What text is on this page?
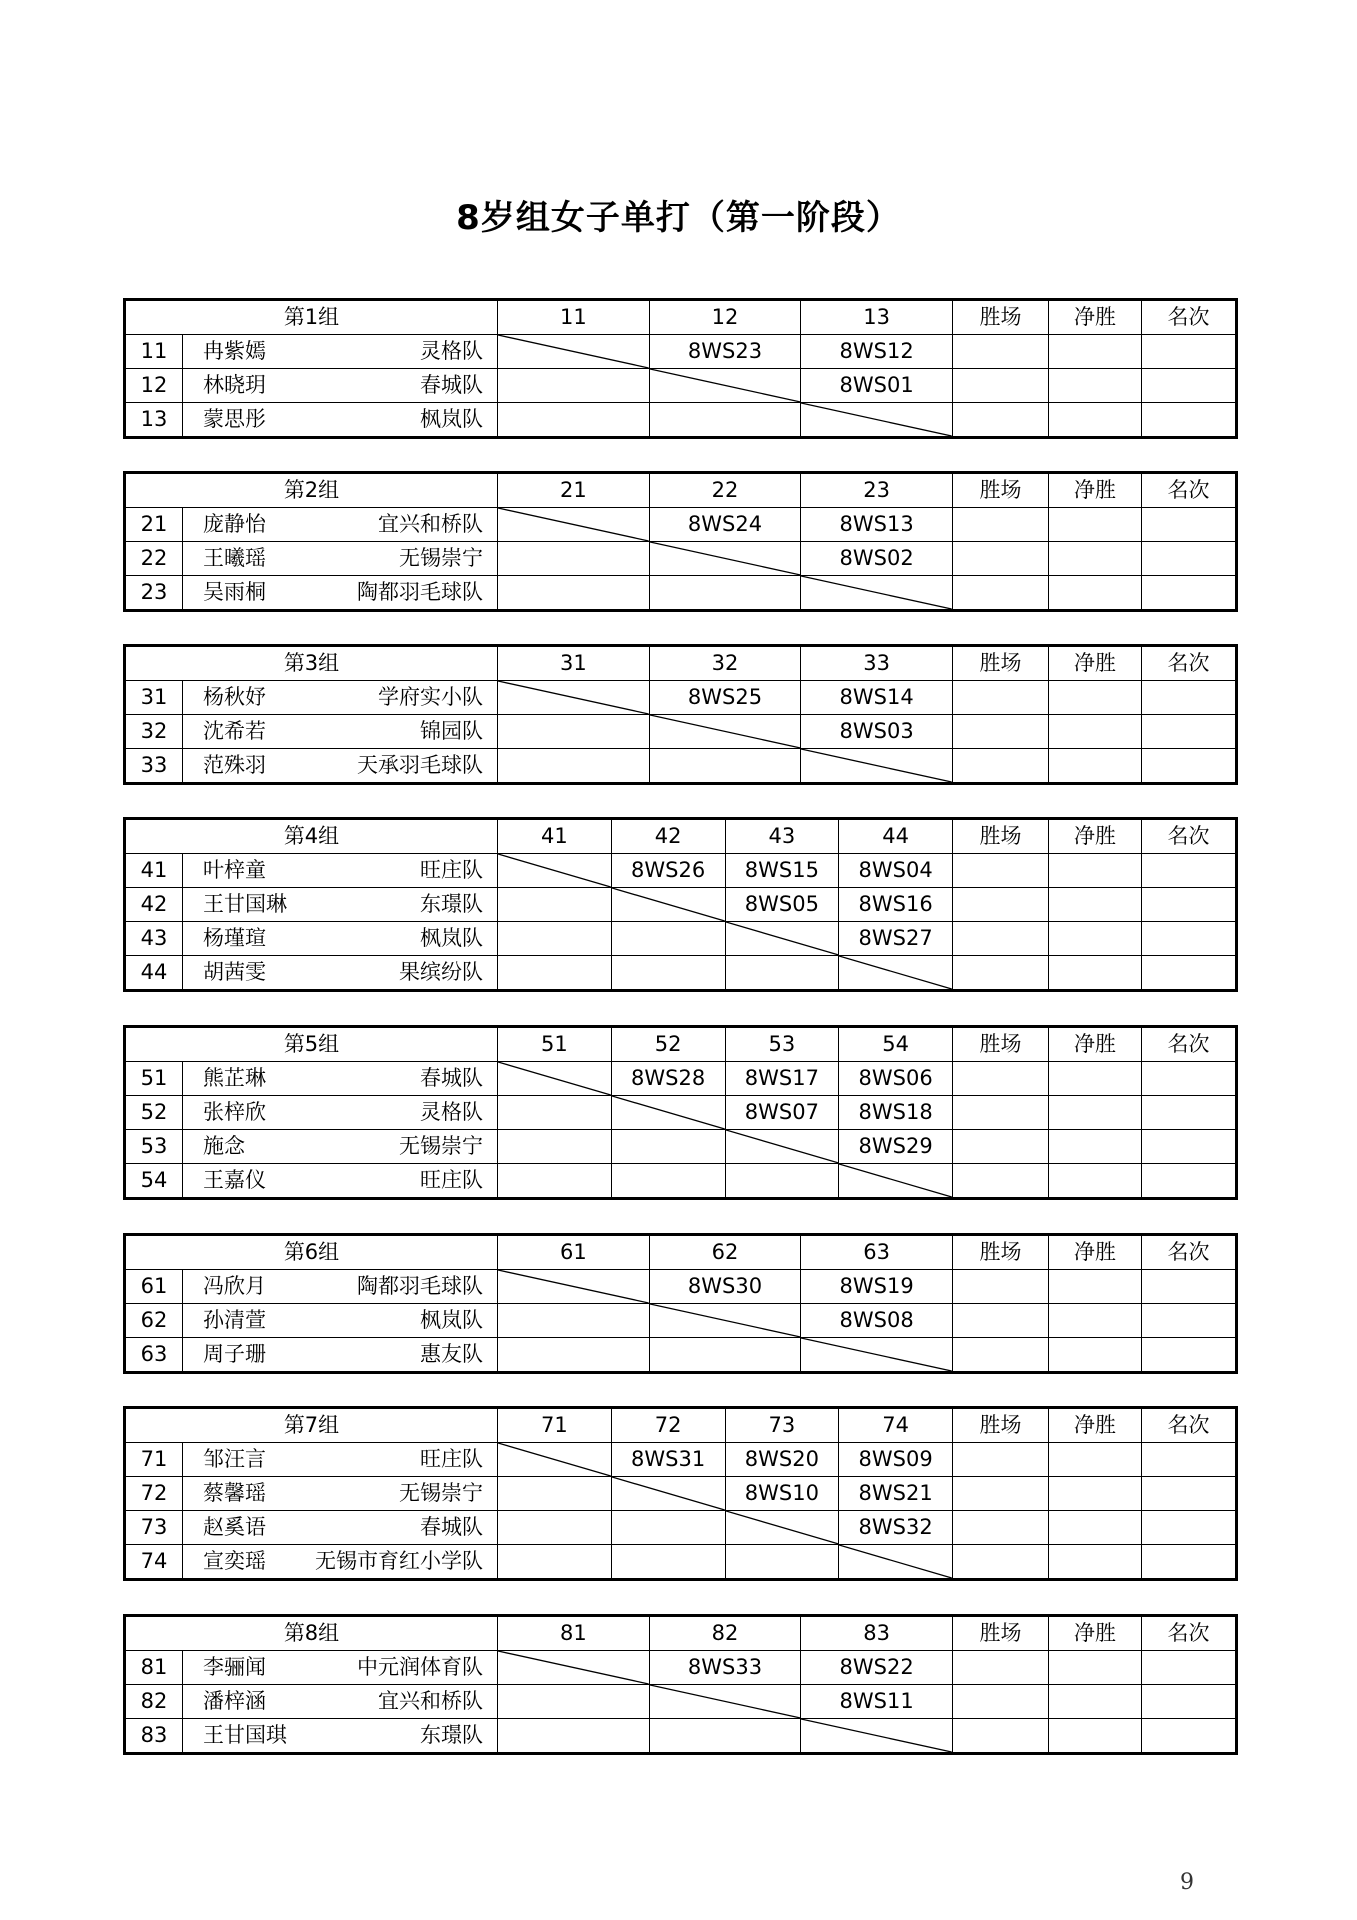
8岁组女子单打（第一阶段）
第1组		11	12	13	胜场	净胜	名次
11	冉紫嫣 灵格队		8WS23	8WS12			
12	林晓玥 春城队			8WS01			
13	蒙思彤 枫岚队

第2组		21	22	23	胜场	净胜	名次
21	庞静怡 宜兴和桥队		8WS24	8WS13			
22	王曦瑶 无锡崇宁			8WS02			
23	吴雨桐 陶都羽毛球队

第3组		31	32	33	胜场	净胜	名次
31	杨秋妤 学府实小队		8WS25	8WS14			
32	沈希若 锦园队			8WS03			
33	范殊羽 天承羽毛球队

第4组		41	42	43	44	胜场	净胜	名次
41	叶梓童 旺庄队		8WS26	8WS15	8WS04			
42	王甘国琳 东璟队			8WS05	8WS16			
43	杨瑾瑄 枫岚队				8WS27			
44	胡茜雯 果缤纷队

第5组		51	52	53	54	胜场	净胜	名次
51	熊芷琳 春城队		8WS28	8WS17	8WS06			
52	张梓欣 灵格队			8WS07	8WS18			
53	施念 无锡崇宁				8WS29			
54	王嘉仪 旺庄队

第6组		61	62	63	胜场	净胜	名次
61	冯欣月 陶都羽毛球队		8WS30	8WS19			
62	孙清萱 枫岚队			8WS08			
63	周子珊 惠友队

第7组		71	72	73	74	胜场	净胜	名次
71	邹汪言 旺庄队		8WS31	8WS20	8WS09			
72	蔡馨瑶 无锡崇宁			8WS10	8WS21			
73	赵奚语 春城队				8WS32			
74	宣奕瑶 无锡市育红小学队

第8组		81	82	83	胜场	净胜	名次
81	李骊闻 中元润体育队		8WS33	8WS22			
82	潘梓涵 宜兴和桥队			8WS11			
83	王甘国琪 东璟队

9
